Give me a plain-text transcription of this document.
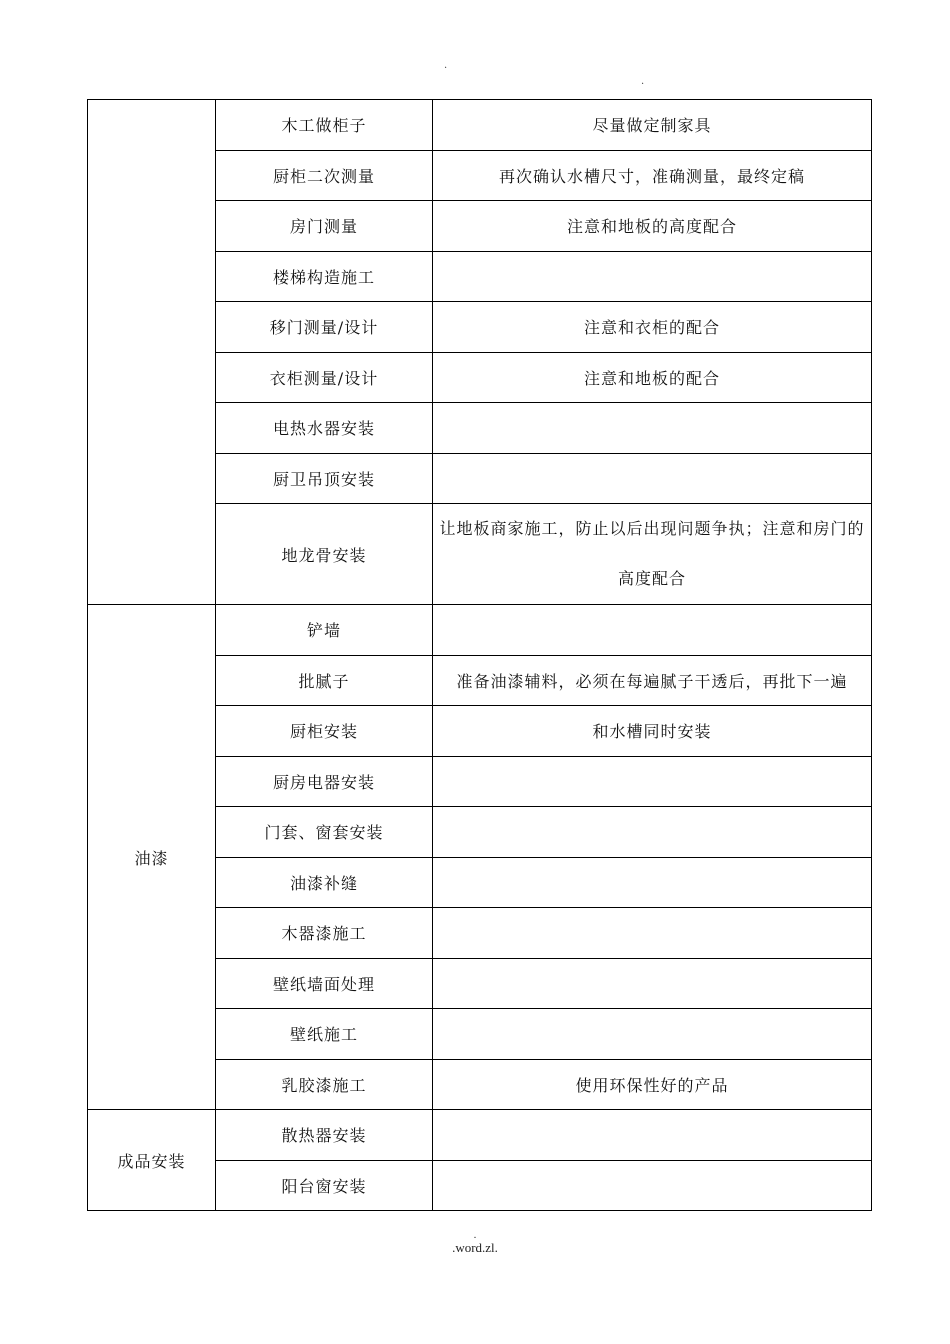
.
.
	木工做柜子	尽量做定制家具
	厨柜二次测量	再次确认水槽尺寸，准确测量，最终定稿
	房门测量	注意和地板的高度配合
	楼梯构造施工	
	移门测量/设计	注意和衣柜的配合
	衣柜测量/设计	注意和地板的配合
	电热水器安装	
	厨卫吊顶安装	
	地龙骨安装	让地板商家施工，防止以后出现问题争执；注意和房门的高度配合
油漆	铲墙	
	批腻子	准备油漆辅料，必须在每遍腻子干透后，再批下一遍
	厨柜安装	和水槽同时安装
	厨房电器安装	
	门套、窗套安装	
	油漆补缝	
	木器漆施工	
	壁纸墙面处理	
	壁纸施工	
	乳胶漆施工	使用环保性好的产品
成品安装	散热器安装	
	阳台窗安装	
.
.word.zl.
